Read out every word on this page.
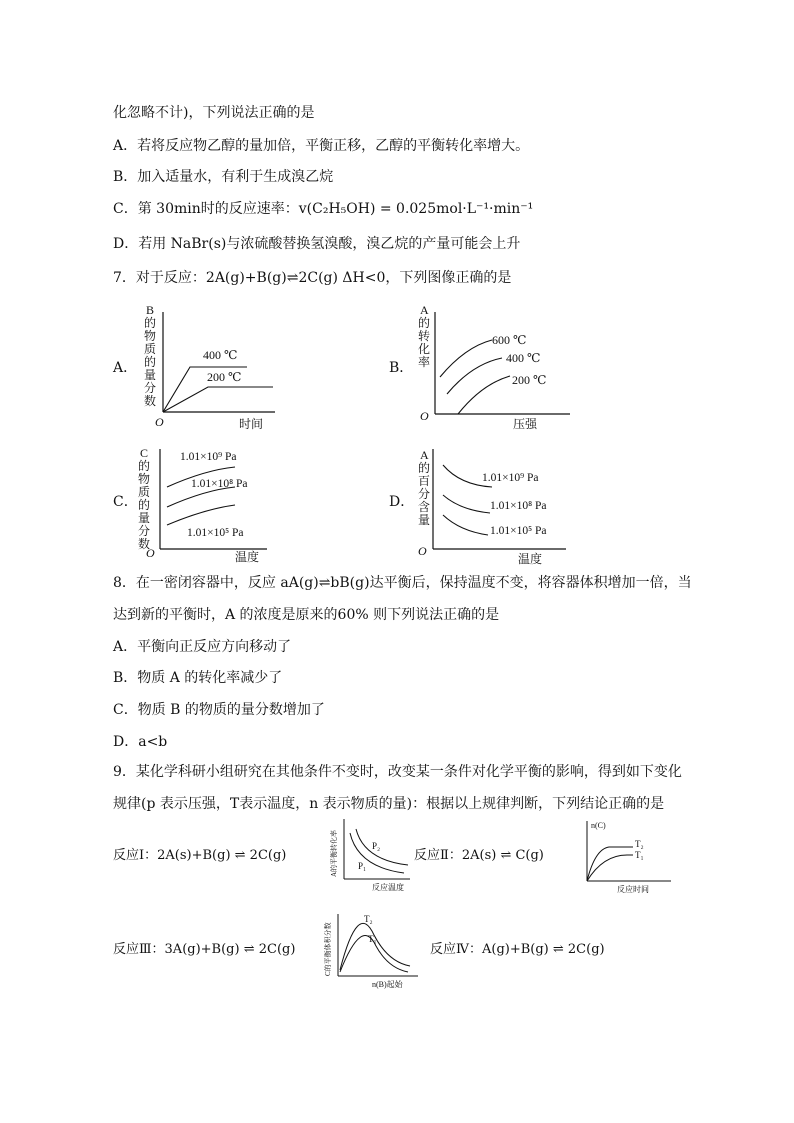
化忽略不计)，下列说法正确的是
A．若将反应物乙醇的量加倍，平衡正移，乙醇的平衡转化率增大。
B．加入适量水，有利于生成溴乙烷
C．第 30min时的反应速率：v(C₂H₅OH) = 0.025mol·L⁻¹·min⁻¹
D．若用 NaBr(s)与浓硫酸替换氢溴酸，溴乙烷的产量可能会上升
7．对于反应：2A(g)+B(g)⇌2C(g) ΔH<0，下列图像正确的是
A．
400 ℃
200 ℃
O	时间
B
的
物
质
的
量
分
数
B．
600 ℃
400 ℃
200 ℃
O
压强
A
的
转
化
率
C．
1.01×10⁹ Pa
1.01×10⁸ Pa
1.01×10⁵ Pa
O	温度
C
的
物
质
的
量
分
数
D．
1.01×10⁹ Pa
1.01×10⁸ Pa
1.01×10⁵ Pa
O
温度
A
的
百
分
含
量
8．在一密闭容器中，反应 aA(g)⇌bB(g)达平衡后，保持温度不变，将容器体积增加一倍，当
达到新的平衡时，A 的浓度是原来的60% 则下列说法正确的是
A．平衡向正反应方向移动了
B．物质 A 的转化率减少了
C．物质 B 的物质的量分数增加了
D．a<b
9．某化学科研小组研究在其他条件不变时，改变某一条件对化学平衡的影响，得到如下变化
规律(p 表示压强，T表示温度，n 表示物质的量)：根据以上规律判断，下列结论正确的是
反应Ⅰ：2A(s)+B(g) ⇌ 2C(g)
P₂
P₁
反应温度
A的平衡转化率	反应Ⅱ：2A(s) ⇌ C(g)
T₂
T₁
反应时间
n(C)
反应Ⅲ：3A(g)+B(g) ⇌ 2C(g)
T₂
T₁
n(B)起始
C的平衡体积分数	反应Ⅳ：A(g)+B(g) ⇌ 2C(g)
